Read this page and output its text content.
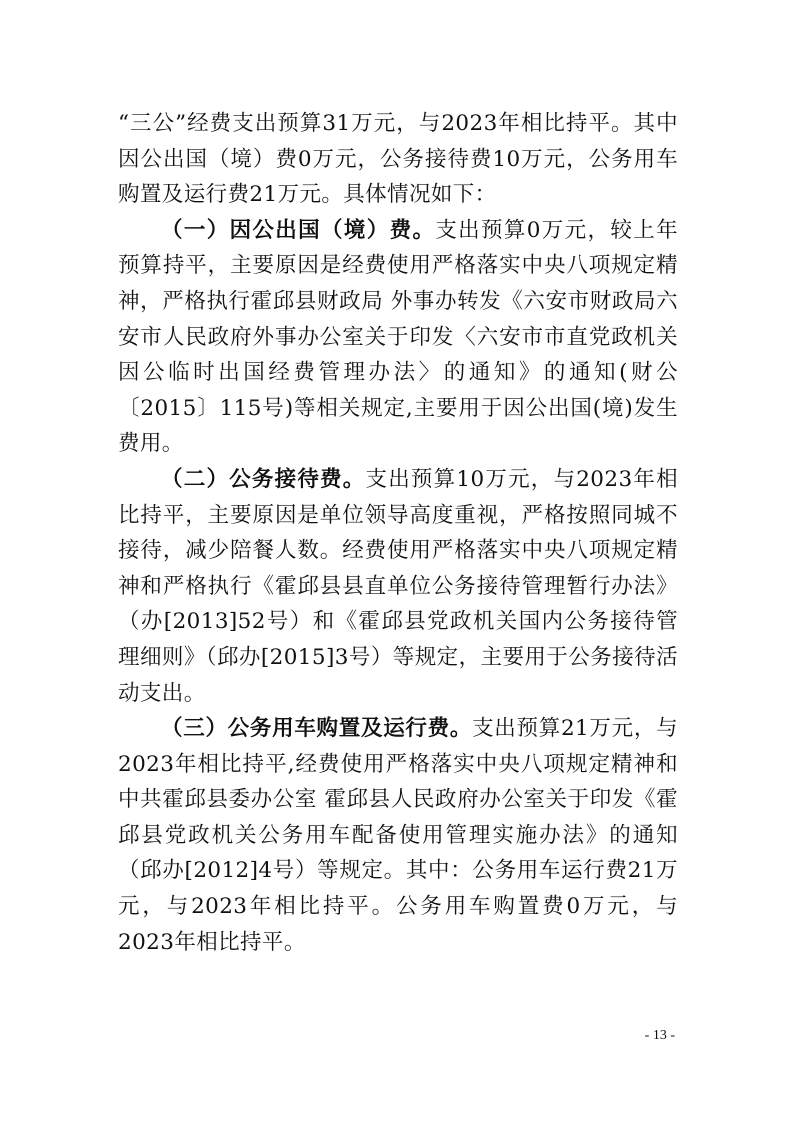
“三公”经费支出预算31万元，与2023年相比持平。其中因公出国（境）费0万元，公务接待费10万元，公务用车购置及运行费21万元。具体情况如下：

（一）因公出国（境）费。支出预算0万元，较上年预算持平，主要原因是经费使用严格落实中央八项规定精神，严格执行霍邱县财政局 外事办转发《六安市财政局六安市人民政府外事办公室关于印发〈六安市市直党政机关因公临时出国经费管理办法〉的通知》的通知(财公〔2015〕115号)等相关规定,主要用于因公出国(境)发生费用。

（二）公务接待费。支出预算10万元，与2023年相比持平，主要原因是单位领导高度重视，严格按照同城不接待，减少陪餐人数。经费使用严格落实中央八项规定精神和严格执行《霍邱县县直单位公务接待管理暂行办法》（办[2013]52号）和《霍邱县党政机关国内公务接待管理细则》（邱办[2015]3号）等规定，主要用于公务接待活动支出。

（三）公务用车购置及运行费。支出预算21万元，与2023年相比持平,经费使用严格落实中央八项规定精神和中共霍邱县委办公室 霍邱县人民政府办公室关于印发《霍邱县党政机关公务用车配备使用管理实施办法》的通知（邱办[2012]4号）等规定。其中：公务用车运行费21万元，与2023年相比持平。公务用车购置费0万元，与2023年相比持平。

- 13 -
